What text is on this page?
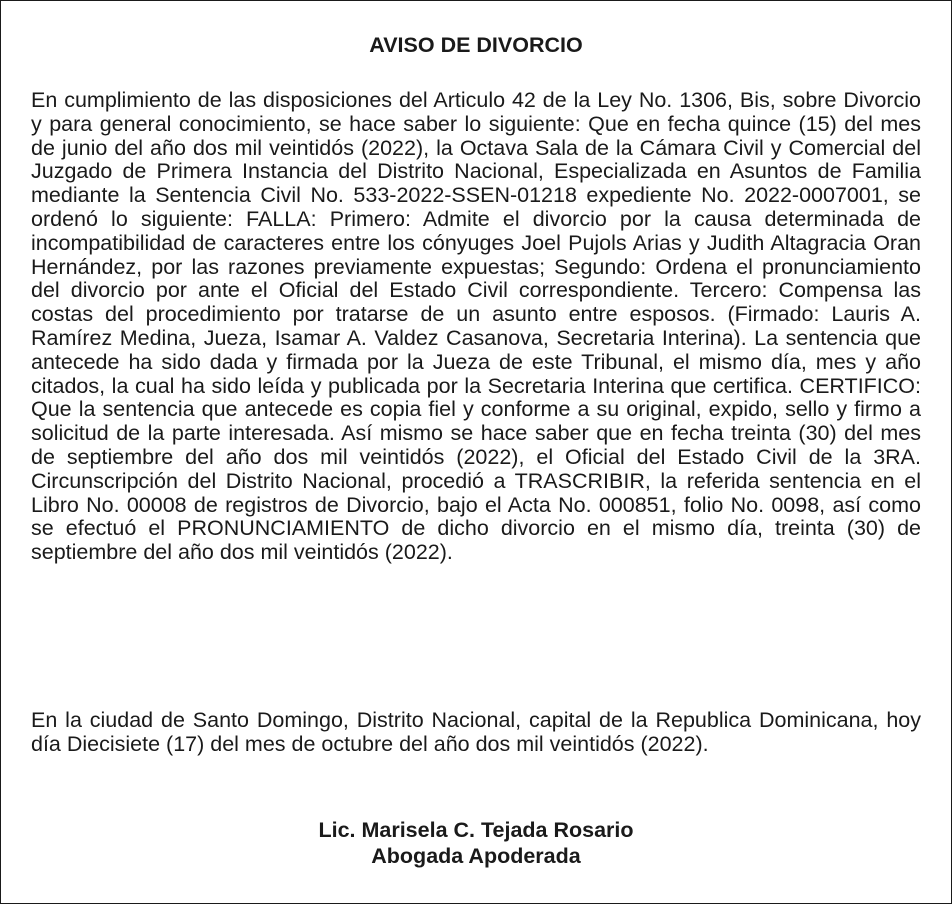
AVISO DE DIVORCIO

En cumplimiento de las disposiciones del Articulo 42 de la Ley No. 1306, Bis, sobre Divorcio y para general conocimiento, se hace saber lo siguiente: Que en fecha quince (15) del mes de junio del año dos mil veintidós (2022), la Octava Sala de la Cámara Civil y Comercial del Juzgado de Primera Instancia del Distrito Nacional, Especializada en Asuntos de Familia mediante la Sentencia Civil No. 533-2022-SSEN-01218 expediente No. 2022-0007001, se ordenó lo siguiente: FALLA: Primero: Admite el divorcio por la causa determinada de incompatibilidad de caracteres entre los cónyuges Joel Pujols Arias y Judith Altagracia Oran Hernández, por las razones previamente expuestas; Segundo: Ordena el pronunciamiento del divorcio por ante el Oficial del Estado Civil correspondiente. Tercero: Compensa las costas del procedimiento por tratarse de un asunto entre esposos. (Firmado: Lauris A. Ramírez Medina, Jueza, Isamar A. Valdez Casanova, Secretaria Interina). La sentencia que antecede ha sido dada y firmada por la Jueza de este Tribunal, el mismo día, mes y año citados, la cual ha sido leída y publicada por la Secretaria Interina que certifica. CERTIFICO: Que la sentencia que antecede es copia fiel y conforme a su original, expido, sello y firmo a solicitud de la parte interesada. Así mismo se hace saber que en fecha treinta (30) del mes de septiembre del año dos mil veintidós (2022), el Oficial del Estado Civil de la 3RA. Circunscripción del Distrito Nacional, procedió a TRASCRIBIR, la referida sentencia en el Libro No. 00008 de registros de Divorcio, bajo el Acta No. 000851, folio No. 0098, así como se efectuó el PRONUNCIAMIENTO de dicho divorcio en el mismo día, treinta (30) de septiembre del año dos mil veintidós (2022).

En la ciudad de Santo Domingo, Distrito Nacional, capital de la Republica Dominicana, hoy día Diecisiete (17) del mes de octubre del año dos mil veintidós (2022).

Lic. Marisela C. Tejada Rosario

Abogada Apoderada
